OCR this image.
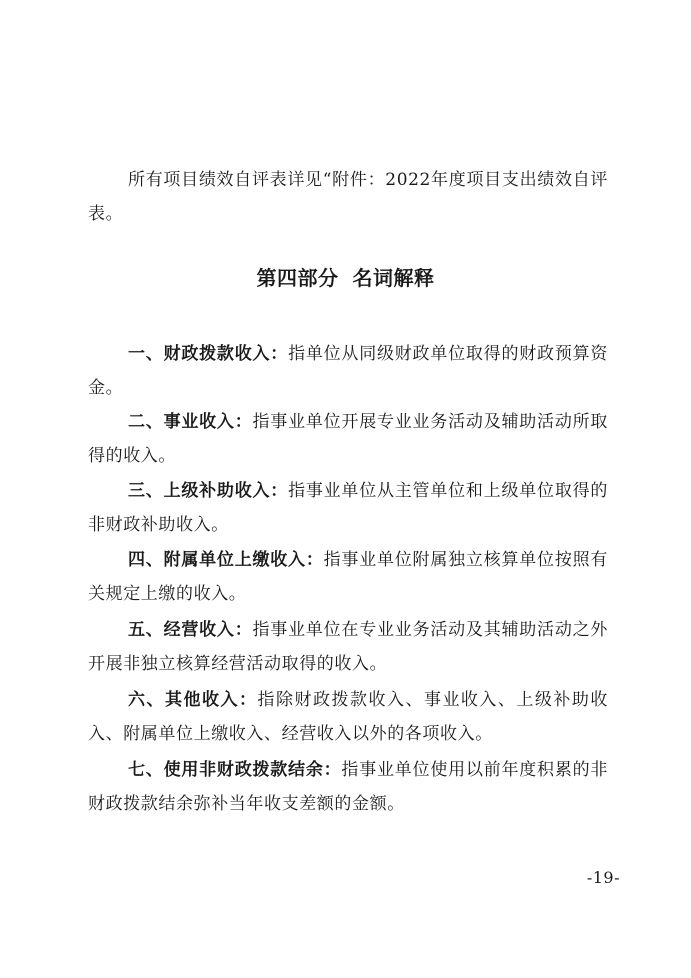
所有项目绩效自评表详见“附件：2022年度项目支出绩效自评表。

第四部分 名词解释

一、财政拨款收入：指单位从同级财政单位取得的财政预算资金。

二、事业收入：指事业单位开展专业业务活动及辅助活动所取得的收入。

三、上级补助收入：指事业单位从主管单位和上级单位取得的非财政补助收入。

四、附属单位上缴收入：指事业单位附属独立核算单位按照有关规定上缴的收入。

五、经营收入：指事业单位在专业业务活动及其辅助活动之外开展非独立核算经营活动取得的收入。

六、其他收入：指除财政拨款收入、事业收入、上级补助收入、附属单位上缴收入、经营收入以外的各项收入。

七、使用非财政拨款结余：指事业单位使用以前年度积累的非财政拨款结余弥补当年收支差额的金额。

-19-
